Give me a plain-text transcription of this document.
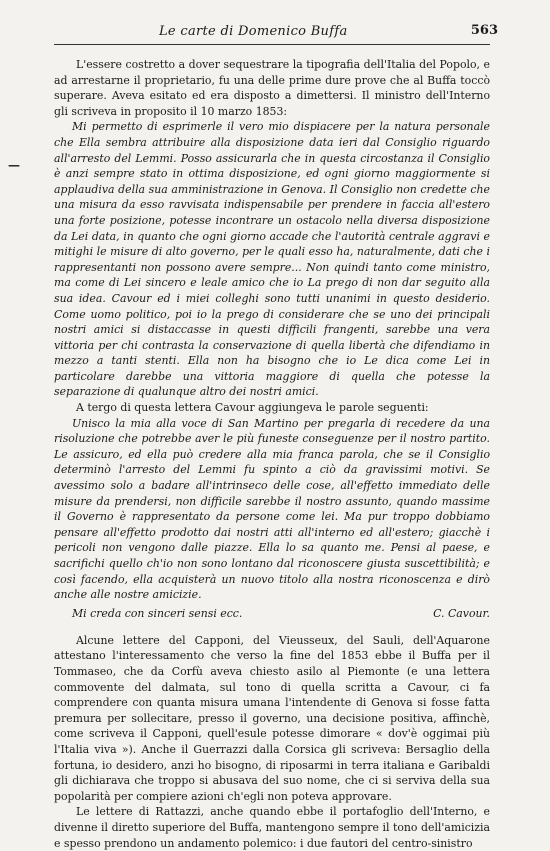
Le carte di Domenico Buffa	563
—

L'essere costretto a dover sequestrare la tipografia dell'Italia del Popolo, e ad arrestarne il proprietario, fu una delle prime dure prove che al Buffa toccò superare. Aveva esitato ed era disposto a dimettersi. Il ministro dell'Interno gli scriveva in proposito il 10 marzo 1853:

Mi permetto di esprimerle il vero mio dispiacere per la natura personale che Ella sembra attribuire alla disposizione data ieri dal Consiglio riguardo all'arresto del Lemmi. Posso assicurarla che in questa circostanza il Consiglio è anzi sempre stato in ottima disposizione, ed ogni giorno maggiormente si applaudiva della sua amministrazione in Genova. Il Consiglio non credette che una misura da esso ravvisata indispensabile per prendere in faccia all'estero una forte posizione, potesse incontrare un ostacolo nella diversa disposizione da Lei data, in quanto che ogni giorno accade che l'autorità centrale aggravi e mitighi le misure di alto governo, per le quali esso ha, naturalmente, dati che i rappresentanti non possono avere sempre... Non quindi tanto come ministro, ma come di Lei sincero e leale amico che io La prego di non dar seguito alla sua idea. Cavour ed i miei colleghi sono tutti unanimi in questo desiderio. Come uomo politico, poi io la prego di considerare che se uno dei principali nostri amici si distaccasse in questi difficili frangenti, sarebbe una vera vittoria per chi contrasta la conservazione di quella libertà che difendiamo in mezzo a tanti stenti. Ella non ha bisogno che io Le dica come Lei in particolare darebbe una vittoria maggiore di quella che potesse la separazione di qualunque altro dei nostri amici.

A tergo di questa lettera Cavour aggiungeva le parole seguenti:

Unisco la mia alla voce di San Martino per pregarla di recedere da una risoluzione che potrebbe aver le più funeste conseguenze per il nostro partito. Le assicuro, ed ella può credere alla mia franca parola, che se il Consiglio determinò l'arresto del Lemmi fu spinto a ciò da gravissimi motivi. Se avessimo solo a badare all'intrinseco delle cose, all'effetto immediato delle misure da prendersi, non difficile sarebbe il nostro assunto, quando massime il Governo è rappresentato da persone come lei. Ma pur troppo dobbiamo pensare all'effetto prodotto dai nostri atti all'interno ed all'estero; giacchè i pericoli non vengono dalle piazze. Ella lo sa quanto me. Pensi al paese, e sacrifichi quello ch'io non sono lontano dal riconoscere giusta suscettibilità; e così facendo, ella acquisterà un nuovo titolo alla nostra riconoscenza e dirò anche alle nostre amicizie.

Mi creda con sinceri sensi ecc.	C. Cavour.

Alcune lettere del Capponi, del Vieusseux, del Sauli, dell'Aquarone attestano l'interessamento che verso la fine del 1853 ebbe il Buffa per il Tommaseo, che da Corfù aveva chiesto asilo al Piemonte (e una lettera commovente del dalmata, sul tono di quella scritta a Cavour, ci fa comprendere con quanta misura umana l'intendente di Genova si fosse fatta premura per sollecitare, presso il governo, una decisione positiva, affinchè, come scriveva il Capponi, quell'esule potesse dimorare « dov'è oggimai più l'Italia viva »). Anche il Guerrazzi dalla Corsica gli scriveva: Bersaglio della fortuna, io desidero, anzi ho bisogno, di riposarmi in terra italiana e Garibaldi gli dichiarava che troppo si abusava del suo nome, che ci si serviva della sua popolarità per compiere azioni ch'egli non poteva approvare.

Le lettere di Rattazzi, anche quando ebbe il portafoglio dell'Interno, e divenne il diretto superiore del Buffa, mantengono sempre il tono dell'amicizia e spesso prendono un andamento polemico: i due fautori del centro-sinistro
